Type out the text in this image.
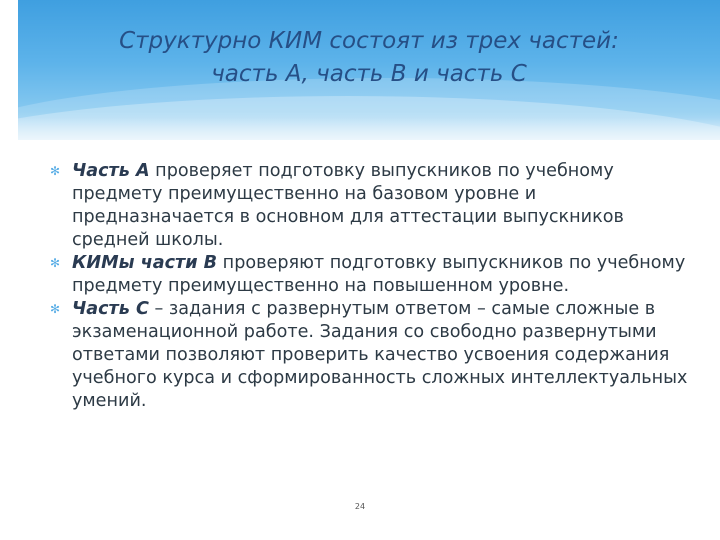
Структурно КИМ состоят из трех частей:
часть А, часть В и часть С

✻ Часть А проверяет подготовку выпускников по учебному предмету преимущественно на базовом уровне и предназначается в основном для аттестации выпускников средней школы.

✻ КИМы части В проверяют подготовку выпускников по учебному предмету преимущественно на повышенном уровне.

✻ Часть С – задания с развернутым ответом – самые сложные в экзаменационной работе. Задания со свободно развернутыми ответами позволяют проверить качество усвоения содержания учебного курса и сформированность сложных интеллектуальных умений.

24
